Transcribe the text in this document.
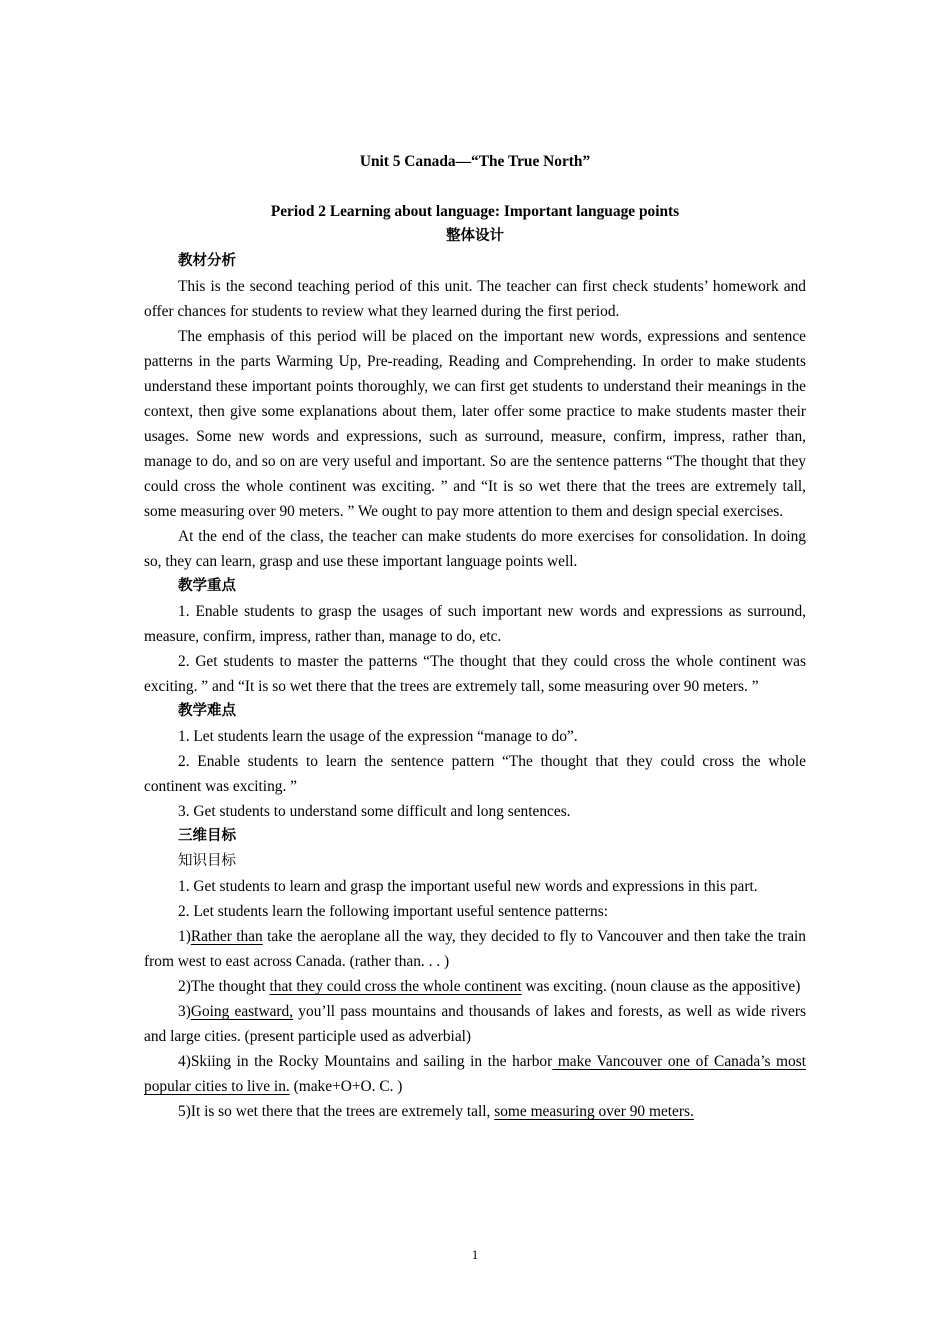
Unit 5 Canada—“The True North”
Period 2 Learning about language: Important language points
整体设计
教材分析
This is the second teaching period of this unit. The teacher can first check students’ homework and offer chances for students to review what they learned during the first period.
The emphasis of this period will be placed on the important new words, expressions and sentence patterns in the parts Warming Up, Pre-reading, Reading and Comprehending. In order to make students understand these important points thoroughly, we can first get students to understand their meanings in the context, then give some explanations about them, later offer some practice to make students master their usages. Some new words and expressions, such as surround, measure, confirm, impress, rather than, manage to do, and so on are very useful and important. So are the sentence patterns “The thought that they could cross the whole continent was exciting. ” and “It is so wet there that the trees are extremely tall, some measuring over 90 meters. ” We ought to pay more attention to them and design special exercises.
At the end of the class, the teacher can make students do more exercises for consolidation. In doing so, they can learn, grasp and use these important language points well.
教学重点
1. Enable students to grasp the usages of such important new words and expressions as surround, measure, confirm, impress, rather than, manage to do, etc.
2. Get students to master the patterns “The thought that they could cross the whole continent was exciting. ” and “It is so wet there that the trees are extremely tall, some measuring over 90 meters. ”
教学难点
1. Let students learn the usage of the expression “manage to do”.
2. Enable students to learn the sentence pattern “The thought that they could cross the whole continent was exciting. ”
3. Get students to understand some difficult and long sentences.
三维目标
知识目标
1. Get students to learn and grasp the important useful new words and expressions in this part.
2. Let students learn the following important useful sentence patterns:
1)Rather than take the aeroplane all the way, they decided to fly to Vancouver and then take the train from west to east across Canada. (rather than. . . )
2)The thought that they could cross the whole continent was exciting. (noun clause as the appositive)
3)Going eastward, you’ll pass mountains and thousands of lakes and forests, as well as wide rivers and large cities. (present participle used as adverbial)
4)Skiing in the Rocky Mountains and sailing in the harbor make Vancouver one of Canada’s most popular cities to live in. (make+O+O. C. )
5)It is so wet there that the trees are extremely tall, some measuring over 90 meters.
1
